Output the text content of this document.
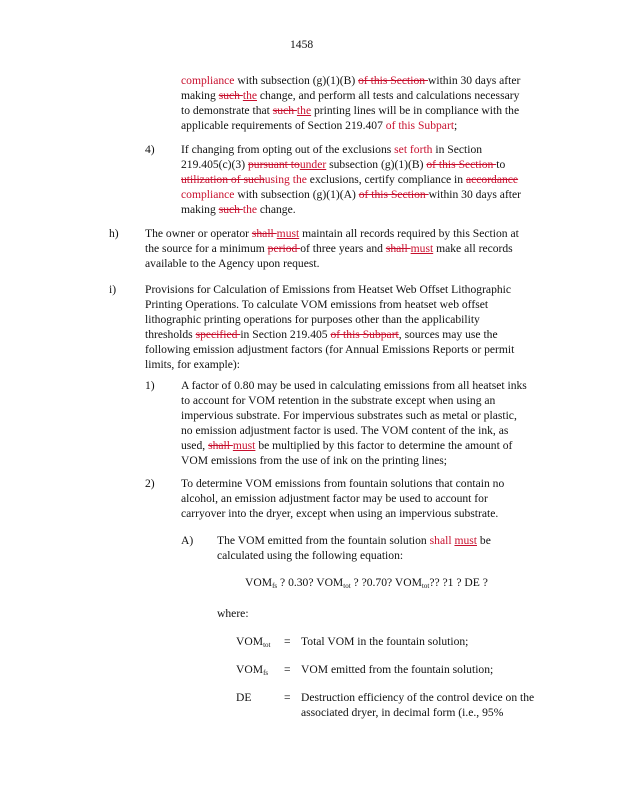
1458
compliance with subsection (g)(1)(B) of this Section within 30 days after
making such the change, and perform all tests and calculations necessary
to demonstrate that such the printing lines will be in compliance with the
applicable requirements of Section 219.407 of this Subpart;
4) If changing from opting out of the exclusions set forth in Section
219.405(c)(3) pursuant tounder subsection (g)(1)(B) of this Section to
utilization of suchusing the exclusions, certify compliance in accordance
compliance with subsection (g)(1)(A) of this Section within 30 days after
making such the change.
h) The owner or operator shall must maintain all records required by this Section at
the source for a minimum period of three years and shall must make all records
available to the Agency upon request.
i) Provisions for Calculation of Emissions from Heatset Web Offset Lithographic
Printing Operations. To calculate VOM emissions from heatset web offset
lithographic printing operations for purposes other than the applicability
thresholds specified in Section 219.405 of this Subpart, sources may use the
following emission adjustment factors (for Annual Emissions Reports or permit
limits, for example):
1) A factor of 0.80 may be used in calculating emissions from all heatset inks
to account for VOM retention in the substrate except when using an
impervious substrate. For impervious substrates such as metal or plastic,
no emission adjustment factor is used. The VOM content of the ink, as
used, shall must be multiplied by this factor to determine the amount of
VOM emissions from the use of ink on the printing lines;
2) To determine VOM emissions from fountain solutions that contain no
alcohol, an emission adjustment factor may be used to account for
carryover into the dryer, except when using an impervious substrate.
A) The VOM emitted from the fountain solution shall must be
calculated using the following equation:
$VOM_{fs}$ ? 0.30? $VOM_{tot}$ ? ?0.70? $VOM_{tot}$?? ?1 ? DE ?
where:
$VOM_{tot}$ = Total VOM in the fountain solution;
$VOM_{fs}$ = VOM emitted from the fountain solution;
DE	= Destruction efficiency of the control device on the
associated dryer, in decimal form (i.e., 95%
